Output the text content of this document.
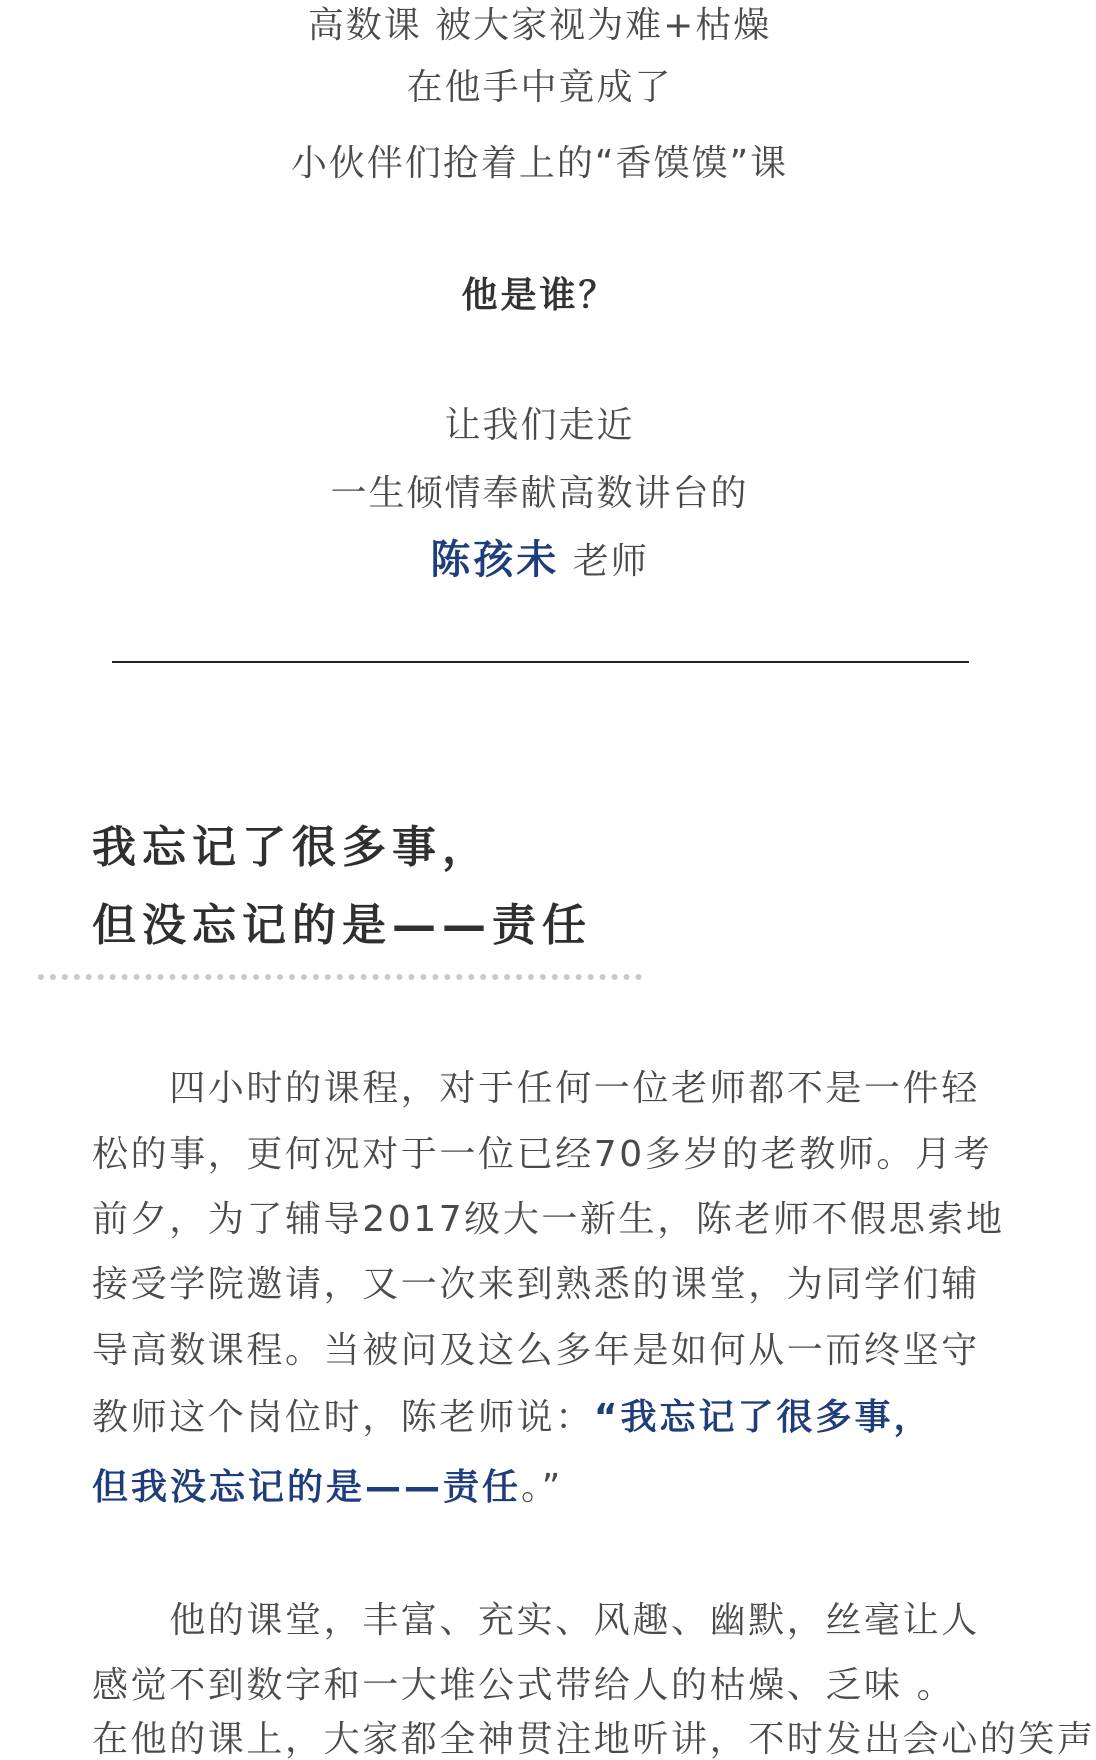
高数课 被大家视为难+枯燥
在他手中竟成了
小伙伴们抢着上的“香馍馍”课
他是谁？
让我们走近
一生倾情奉献高数讲台的
陈孩未 老师
我忘记了很多事，
但没忘记的是——责任
　　四小时的课程，对于任何一位老师都不是一件轻
松的事，更何况对于一位已经70多岁的老教师。月考
前夕，为了辅导2017级大一新生，陈老师不假思索地
接受学院邀请，又一次来到熟悉的课堂，为同学们辅
导高数课程。当被问及这么多年是如何从一而终坚守
教师这个岗位时，陈老师说：“我忘记了很多事，
但我没忘记的是——责任。”
　　他的课堂，丰富、充实、风趣、幽默，丝毫让人
感觉不到数字和一大堆公式带给人的枯燥、乏味 。
在他的课上，大家都全神贯注地听讲，不时发出会心的笑声
